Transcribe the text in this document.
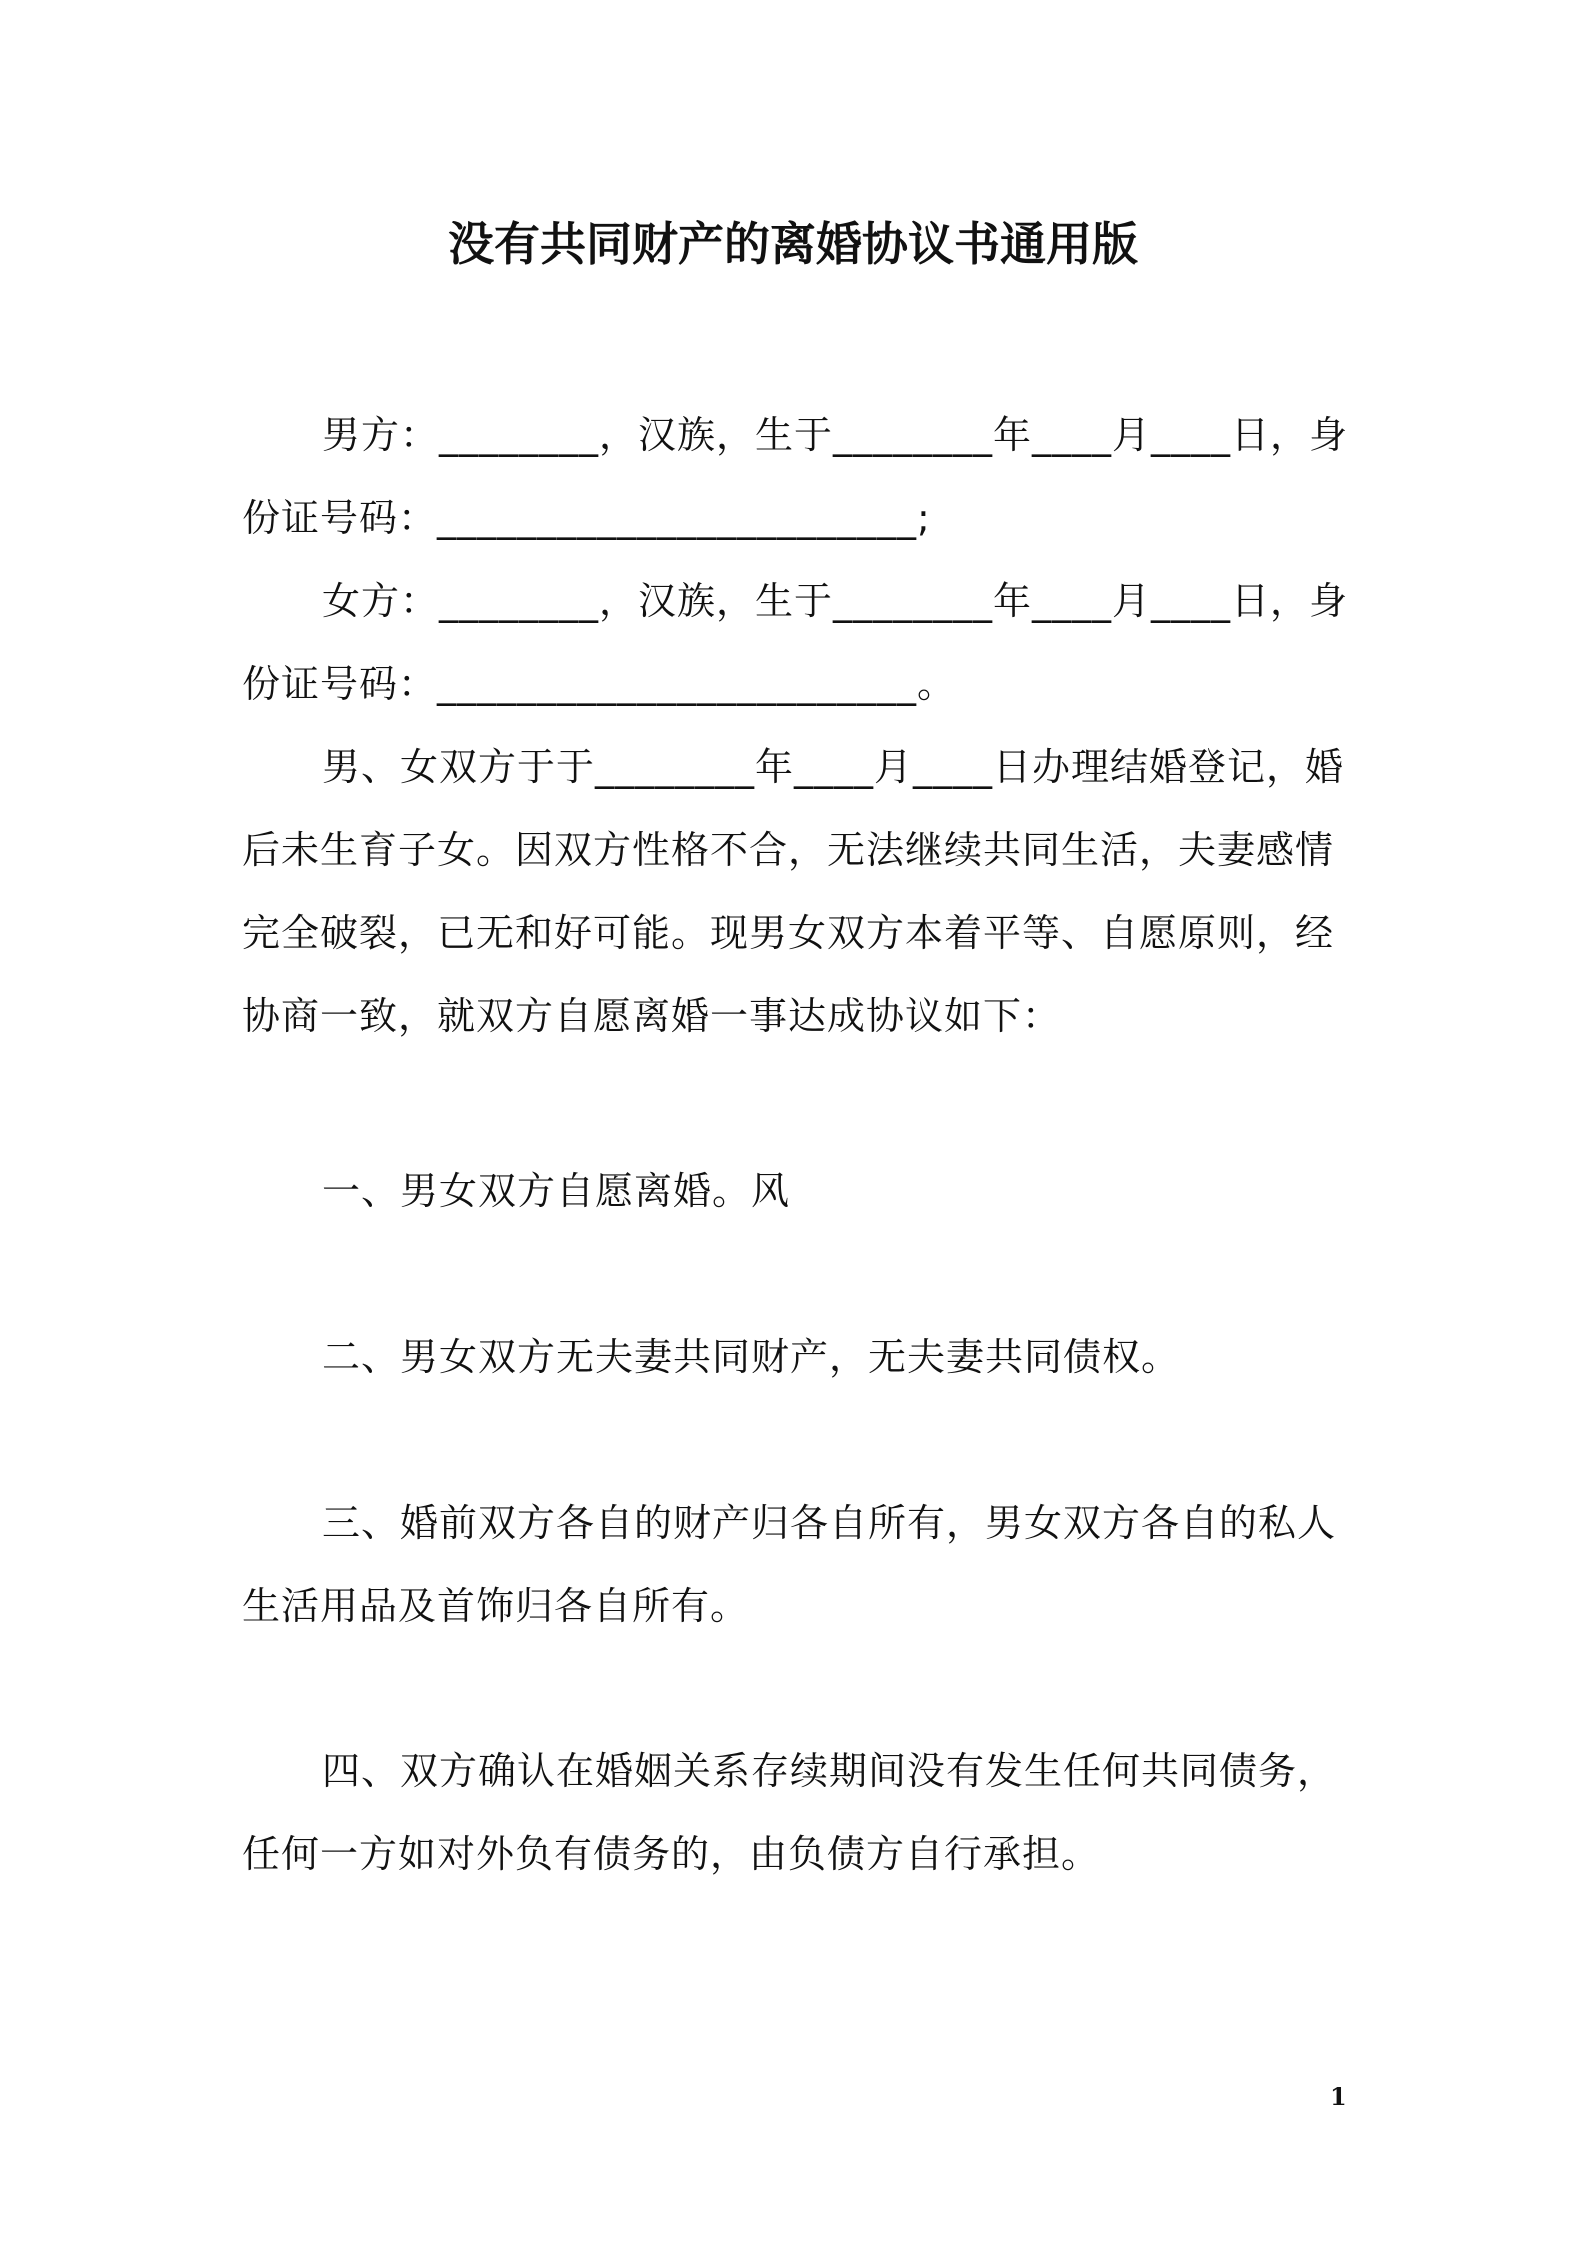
没有共同财产的离婚协议书通用版

男方：________，汉族，生于________年____月____日，身份证号码：________________________;

女方：________，汉族，生于________年____月____日，身份证号码：________________________。

男、女双方于于________年____月____日办理结婚登记，婚后未生育子女。因双方性格不合，无法继续共同生活，夫妻感情完全破裂，已无和好可能。现男女双方本着平等、自愿原则，经协商一致，就双方自愿离婚一事达成协议如下：

一、男女双方自愿离婚。风

二、男女双方无夫妻共同财产，无夫妻共同债权。

三、婚前双方各自的财产归各自所有，男女双方各自的私人生活用品及首饰归各自所有。

四、双方确认在婚姻关系存续期间没有发生任何共同债务，任何一方如对外负有债务的，由负债方自行承担。

1
